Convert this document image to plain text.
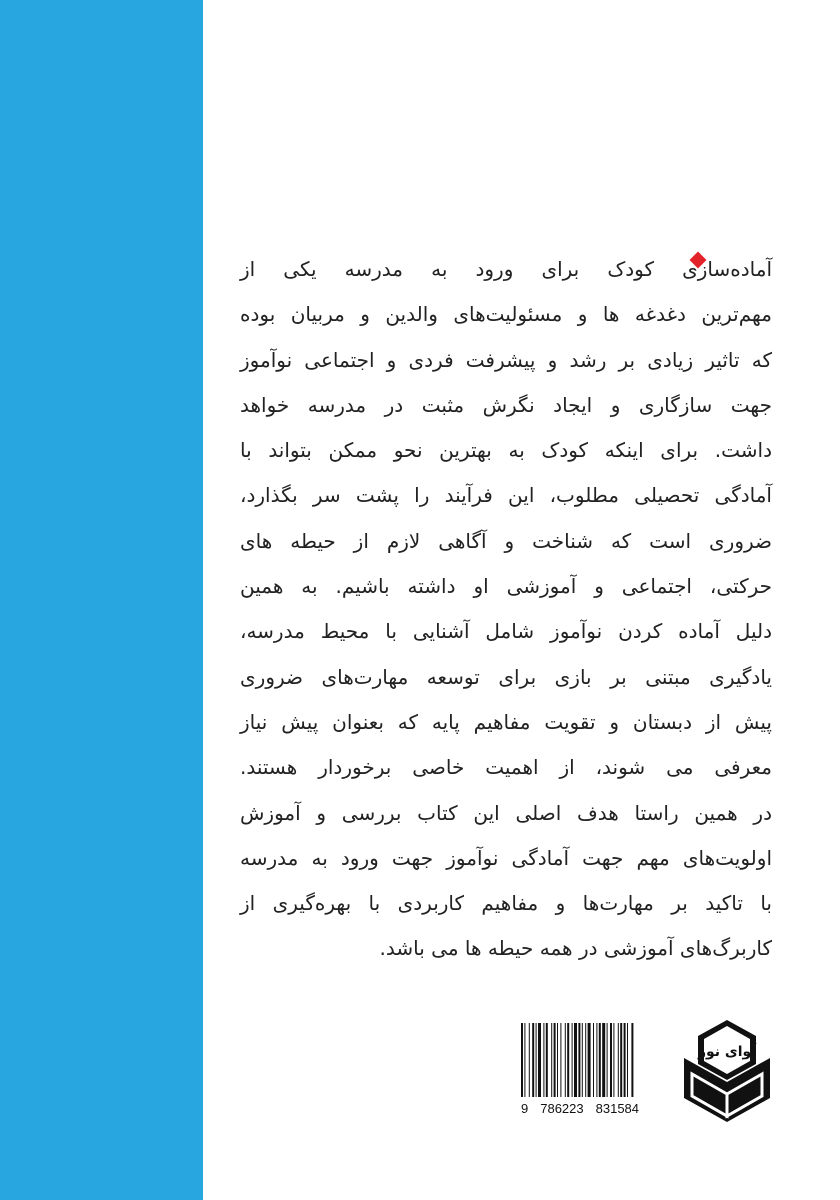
آماده‌سازی کودک برای ورود به مدرسه یکی از
مهم‌ترین دغدغه ها و مسئولیت‌های والدین و مربیان بوده
که تاثیر زیادی بر رشد و پیشرفت فردی و اجتماعی نوآموز
جهت سازگاری و ایجاد نگرش مثبت در مدرسه خواهد
داشت. برای اینکه کودک به بهترین نحو ممکن بتواند با
آمادگی تحصیلی مطلوب، این فرآیند را پشت سر بگذارد،
ضروری است که شناخت و آگاهی لازم از حیطه های
حرکتی، اجتماعی و آموزشی او داشته باشیم. به همین
دلیل آماده کردن نوآموز شامل آشنایی با محیط مدرسه،
یادگیری مبتنی بر بازی برای توسعه مهارت‌های ضروری
پیش از دبستان و تقویت مفاهیم پایه که بعنوان پیش نیاز
معرفی می شوند، از اهمیت خاصی برخوردار هستند.
در همین راستا هدف اصلی این کتاب بررسی و آموزش
اولویت‌های مهم جهت آمادگی نوآموز جهت ورود به مدرسه
با تاکید بر مهارت‌ها و مفاهیم کاربردی با بهره‌گیری از
کاربرگ‌های آموزشی در همه حیطه ها می باشد.
9 786223 831584
آوای نور
